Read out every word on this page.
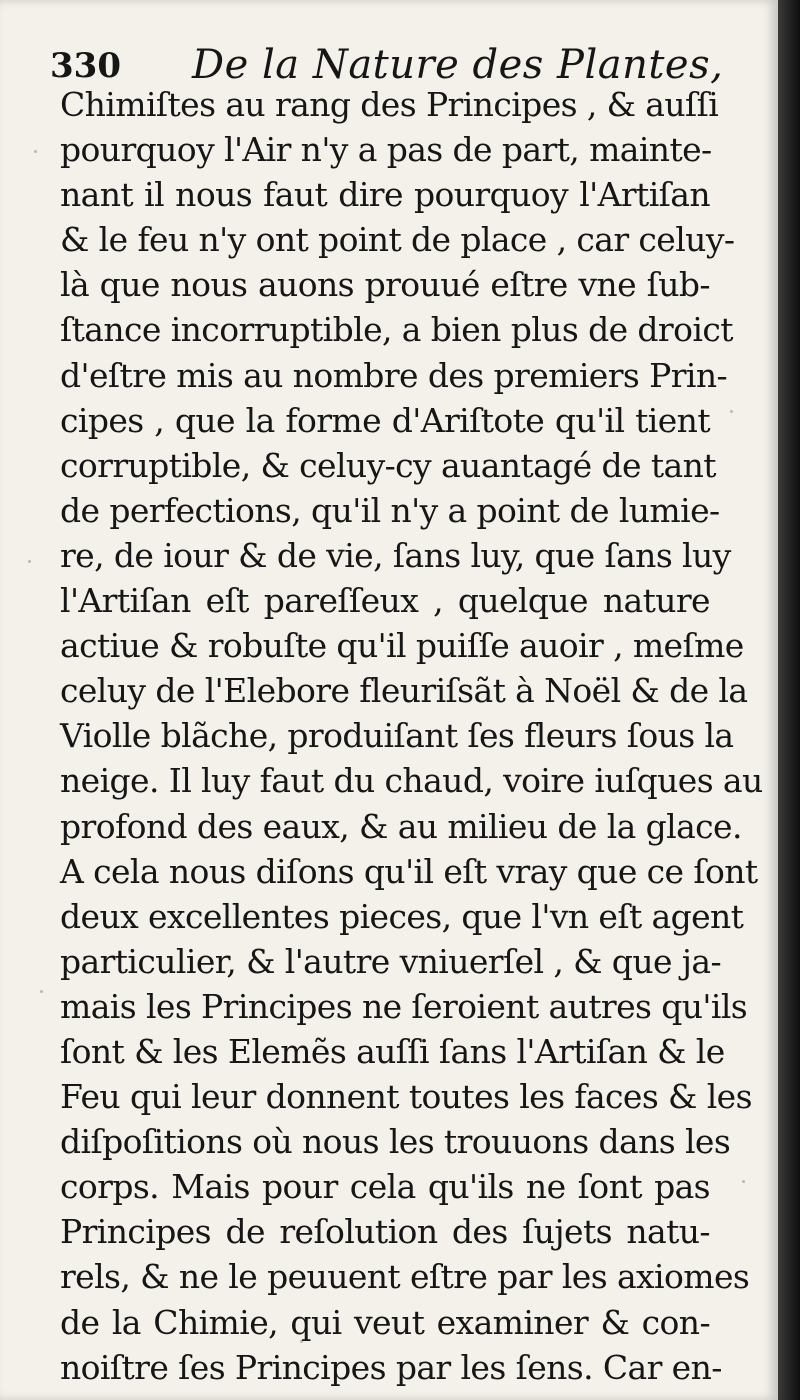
330 De la Nature des Plantes,
Chimiſtes au rang des Principes , & auſſi
pourquoy l'Air n'y a pas de part, mainte-
nant il nous faut dire pourquoy l'Artiſan
& le feu n'y ont point de place , car celuy-
là que nous auons prouué eſtre vne ſub-
ſtance incorruptible, a bien plus de droict
d'eſtre mis au nombre des premiers Prin-
cipes , que la forme d'Ariſtote qu'il tient
corruptible, & celuy-cy auantagé de tant
de perfections, qu'il n'y a point de lumie-
re, de iour & de vie, ſans luy, que ſans luy
l'Artiſan eſt pareſſeux , quelque nature
actiue & robuſte qu'il puiſſe auoir , meſme
celuy de l'Elebore fleuriſsãt à Noël & de la
Violle blãche, produiſant ſes fleurs ſous la
neige. Il luy faut du chaud, voire iuſques au
profond des eaux, & au milieu de la glace.
A cela nous diſons qu'il eſt vray que ce ſont
deux excellentes pieces, que l'vn eſt agent
particulier, & l'autre vniuerſel , & que ja-
mais les Principes ne ſeroient autres qu'ils
ſont & les Elemẽs auſſi ſans l'Artiſan & le
Feu qui leur donnent toutes les faces & les
diſpoſitions où nous les trouuons dans les
corps. Mais pour cela qu'ils ne ſont pas
Principes de reſolution des ſujets natu-
rels, & ne le peuuent eſtre par les axiomes
de la Chimie, qui veut examiner & con-
noiſtre ſes Principes par les ſens. Car en-
